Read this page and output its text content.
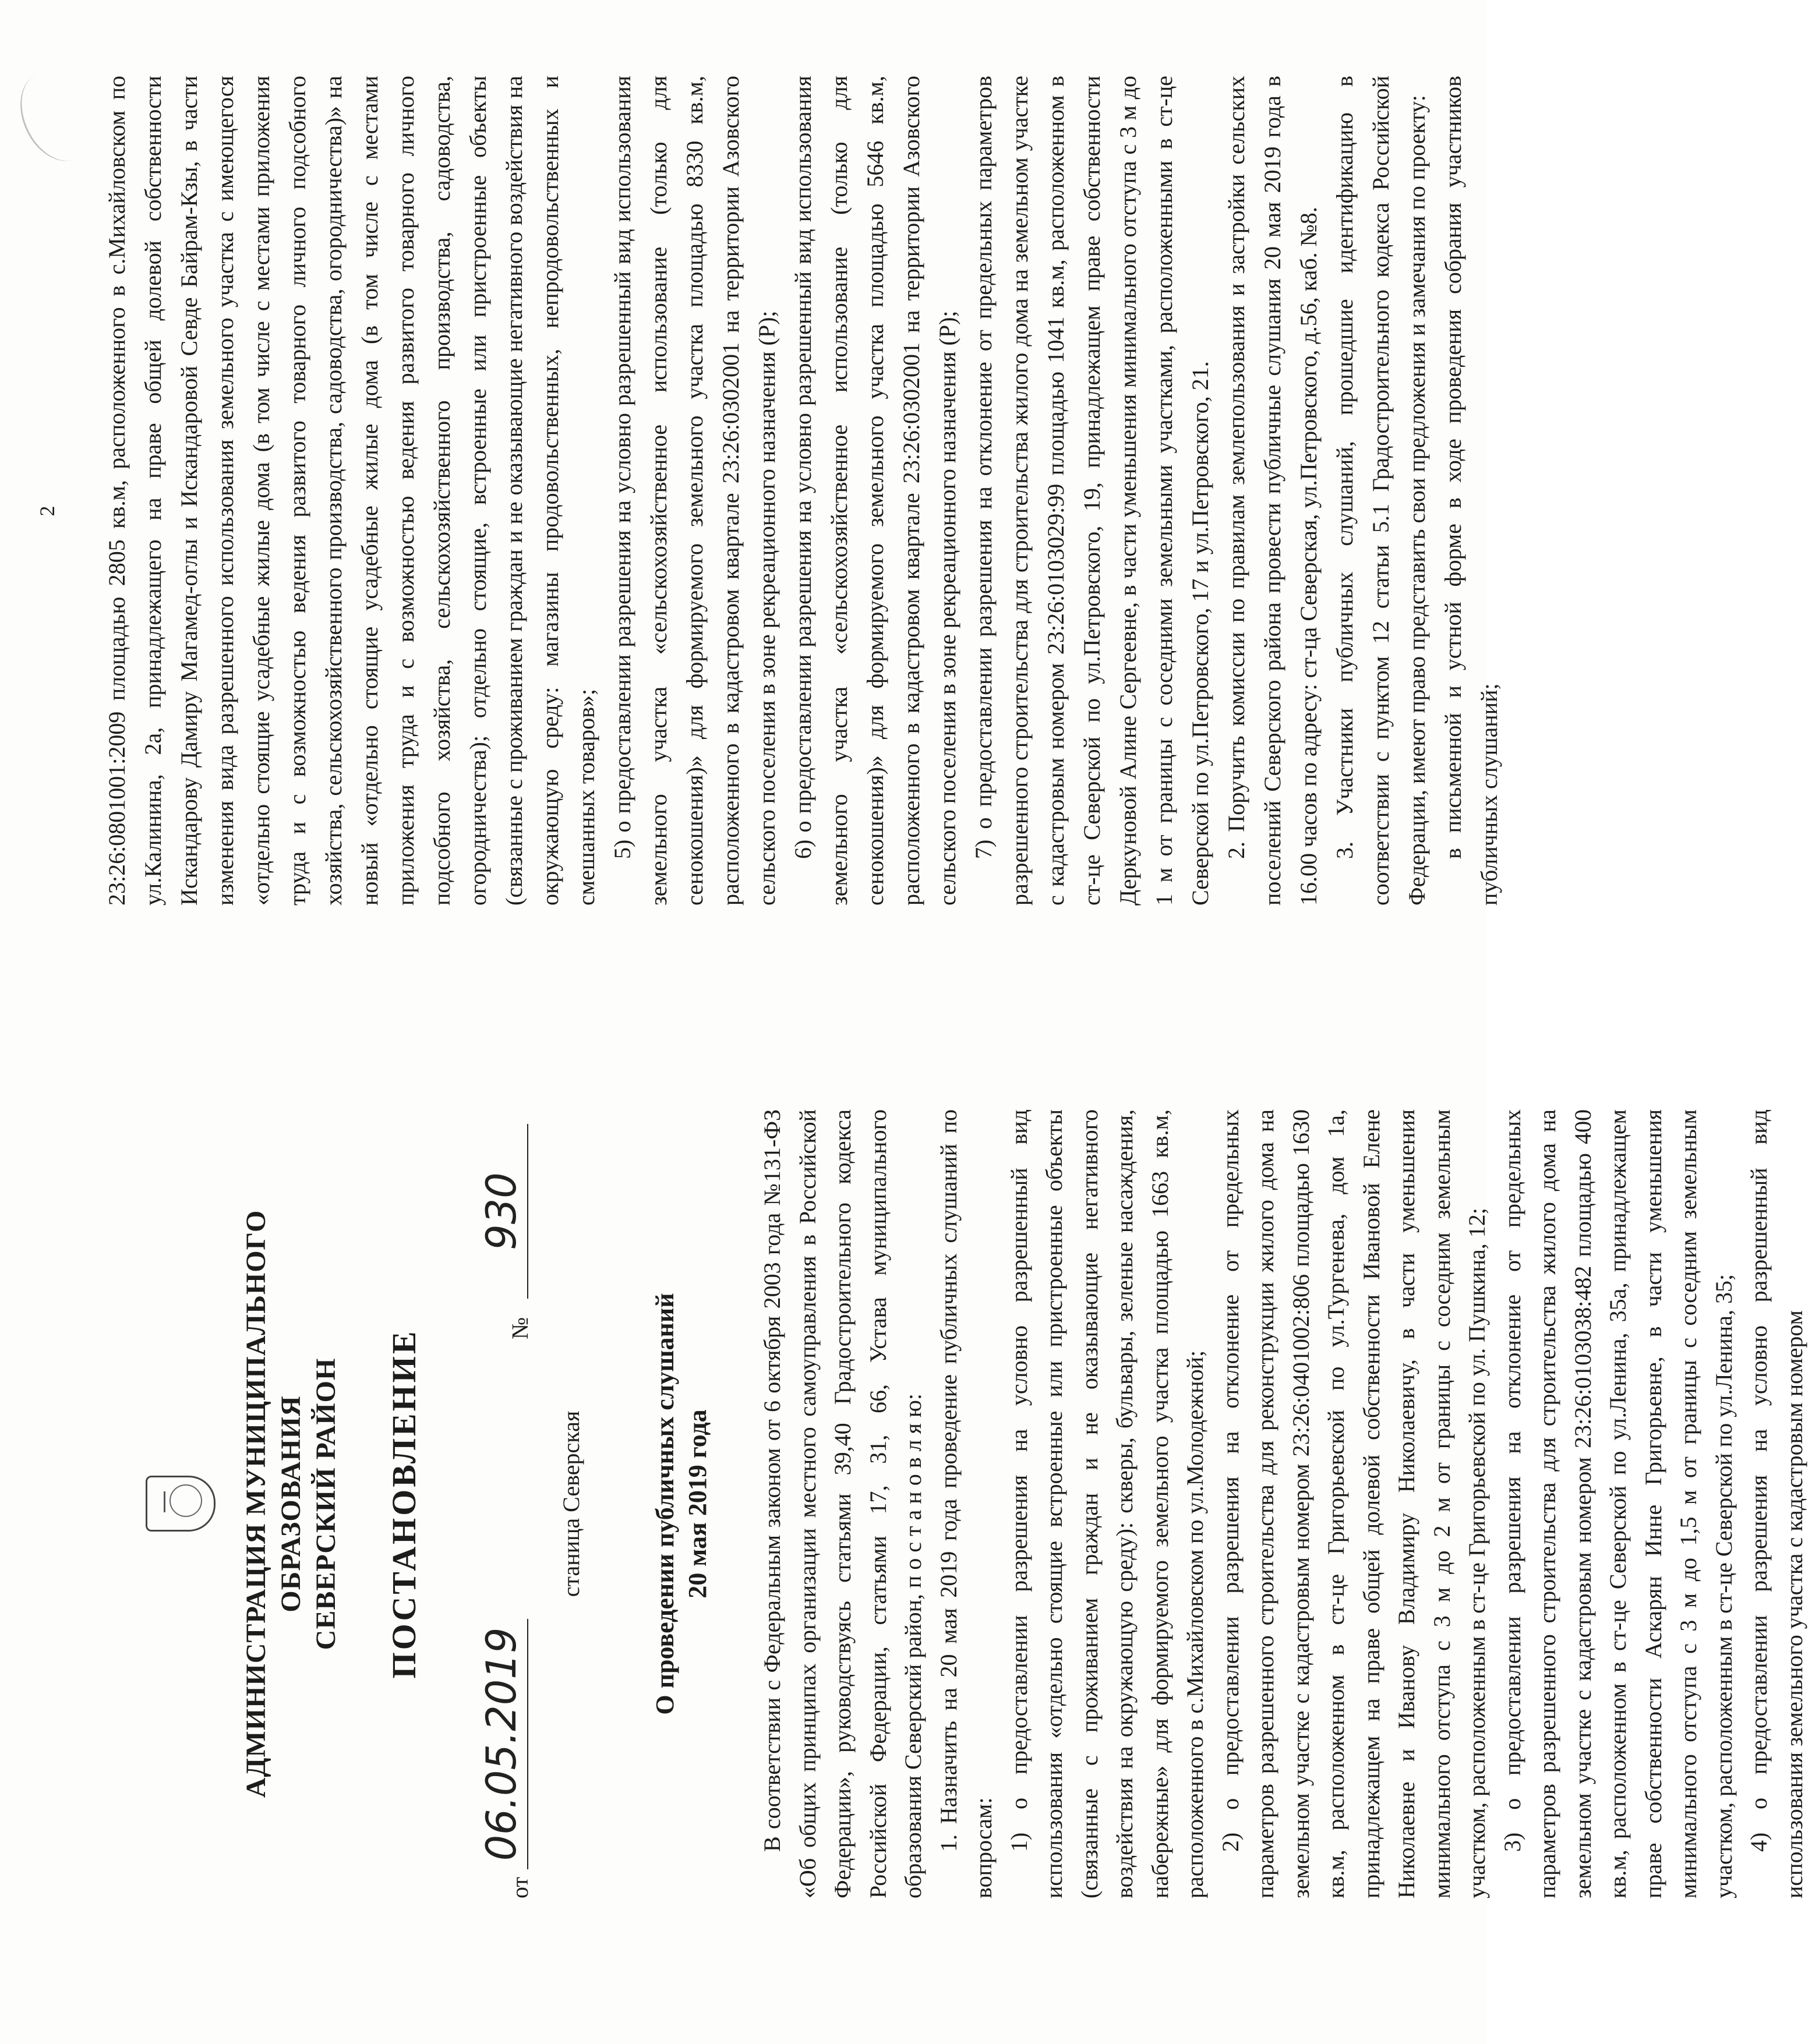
АДМИНИСТРАЦИЯ МУНИЦИПАЛЬНОГО ОБРАЗОВАНИЯ СЕВЕРСКИЙ РАЙОН ПОСТАНОВЛЕНИЕ
от
06.05.2019
№
930
станица Северская	О проведении публичных слушаний 20 мая 2019 года В соответствии с Федеральным законом от 6 октября 2003 года №131-ФЗ «Об общих принципах организации местного самоуправления в Российской Федерации», руководствуясь статьями 39,40 Градостроительного кодекса Российской Федерации, статьями 17, 31, 66, Устава муниципального образования Северский район, п о с т а н о в л я ю: 1. Назначить на 20 мая 2019 года проведение публичных слушаний по вопросам: 1) о предоставлении разрешения на условно разрешенный вид использования «отдельно стоящие встроенные или пристроенные объекты (связанные с проживанием граждан и не оказывающие негативного воздействия на окружающую среду): скверы, бульвары, зеленые насаждения, набережные» для формируемого земельного участка площадью 1663 кв.м, расположенного в с.Михайловском по ул.Молодежной; 2) о предоставлении разрешения на отклонение от предельных параметров разрешенного строительства для реконструкции жилого дома на земельном участке с кадастровым номером 23:26:0401002:806 площадью 1630 кв.м, расположенном в ст-це Григорьевской по ул.Тургенева, дом 1а, принадлежащем на праве общей долевой собственности Ивановой Елене Николаевне и Иванову Владимиру Николаевичу, в части уменьшения минимального отступа с 3 м до 2 м от границы с соседним земельным участком, расположенным в ст-це Григорьевской по ул. Пушкина, 12; 3) о предоставлении разрешения на отклонение от предельных параметров разрешенного строительства для строительства жилого дома на земельном участке с кадастровым номером 23:26:0103038:482 площадью 400 кв.м, расположенном в ст-це Северской по ул.Ленина, 35а, принадлежащем праве собственности Аскарян Инне Григорьевне, в части уменьшения минимального отступа с 3 м до 1,5 м от границы с соседним земельным участком, расположенным в ст-це Северской по ул.Ленина, 35; 4) о предоставлении разрешения на условно разрешенный вид использования земельного участка с кадастровым номером

2 23:26:0801001:2009 площадью 2805 кв.м, расположенного в с.Михайловском по ул.Калинина, 2а, принадлежащего на праве общей долевой собственности Искандарову Дамиру Магамед-оглы и Искандаровой Севде Байрам-Кзы, в части изменения вида разрешенного использования земельного участка с имеющегося «отдельно стоящие усадебные жилые дома (в том числе с местами приложения труда и с возможностью ведения развитого товарного личного подсобного хозяйства, сельскохозяйственного производства, садоводства, огородничества)» на новый «отдельно стоящие усадебные жилые дома (в том числе с местами приложения труда и с возможностью ведения развитого товарного личного подсобного хозяйства, сельскохозяйственного производства, садоводства, огородничества); отдельно стоящие, встроенные или пристроенные объекты (связанные с проживанием граждан и не оказывающие негативного воздействия на окружающую среду: магазины продовольственных, непродовольственных и смешанных товаров»; 5) о предоставлении разрешения на условно разрешенный вид использования земельного участка «сельскохозяйственное использование (только для сенокошения)» для формируемого земельного участка площадью 8330 кв.м, расположенного в кадастровом квартале 23:26:0302001 на территории Азовского сельского поселения в зоне рекреационного назначения (Р); 6) о предоставлении разрешения на условно разрешенный вид использования земельного участка «сельскохозяйственное использование (только для сенокошения)» для формируемого земельного участка площадью 5646 кв.м, расположенного в кадастровом квартале 23:26:0302001 на территории Азовского сельского поселения в зоне рекреационного назначения (Р); 7) о предоставлении разрешения на отклонение от предельных параметров разрешенного строительства для строительства жилого дома на земельном участке с кадастровым номером 23:26:0103029:99 площадью 1041 кв.м, расположенном в ст-це Северской по ул.Петровского, 19, принадлежащем праве собственности Деркуновой Алине Сергеевне, в части уменьшения минимального отступа с 3 м до 1 м от границы с соседними земельными участками, расположенными в ст-це Северской по ул.Петровского, 17 и ул.Петровского, 21. 2. Поручить комиссии по правилам землепользования и застройки сельских поселений Северского района провести публичные слушания 20 мая 2019 года в 16.00 часов по адресу: ст-ца Северская, ул.Петровского, д.56, каб. №8. 3. Участники публичных слушаний, прошедшие идентификацию в соответствии с пунктом 12 статьи 5.1 Градостроительного кодекса Российской Федерации, имеют право представить свои предложения и замечания по проекту: в письменной и устной форме в ходе проведения собрания участников публичных слушаний;
